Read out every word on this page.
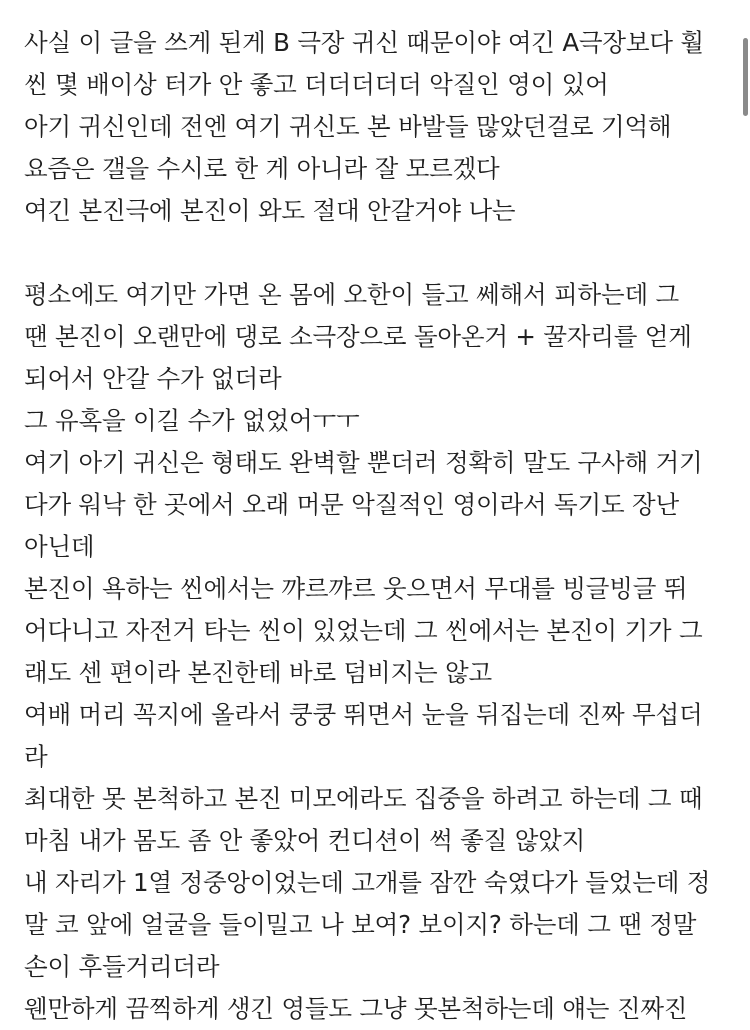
사실 이 글을 쓰게 된게 B 극장 귀신 때문이야 여긴 A극장보다 훨
씬 몇 배이상 터가 안 좋고 더더더더더 악질인 영이 있어
아기 귀신인데 전엔 여기 귀신도 본 바발들 많았던걸로 기억해
요즘은 갤을 수시로 한 게 아니라 잘 모르겠다
여긴 본진극에 본진이 와도 절대 안갈거야 나는
평소에도 여기만 가면 온 몸에 오한이 들고 쎄해서 피하는데 그
땐 본진이 오랜만에 댕로 소극장으로 돌아온거 + 꿀자리를 얻게
되어서 안갈 수가 없더라
그 유혹을 이길 수가 없었어ㅜㅜ
여기 아기 귀신은 형태도 완벽할 뿐더러 정확히 말도 구사해 거기
다가 워낙 한 곳에서 오래 머문 악질적인 영이라서 독기도 장난
아닌데
본진이 욕하는 씬에서는 꺄르꺄르 웃으면서 무대를 빙글빙글 뛰
어다니고 자전거 타는 씬이 있었는데 그 씬에서는 본진이 기가 그
래도 센 편이라 본진한테 바로 덤비지는 않고
여배 머리 꼭지에 올라서 쿵쿵 뛰면서 눈을 뒤집는데 진짜 무섭더
라
최대한 못 본척하고 본진 미모에라도 집중을 하려고 하는데 그 때
마침 내가 몸도 좀 안 좋았어 컨디션이 썩 좋질 않았지
내 자리가 1열 정중앙이었는데 고개를 잠깐 숙였다가 들었는데 정
말 코 앞에 얼굴을 들이밀고 나 보여? 보이지? 하는데 그 땐 정말
손이 후들거리더라
웬만하게 끔찍하게 생긴 영들도 그냥 못본척하는데 얘는 진짜진
